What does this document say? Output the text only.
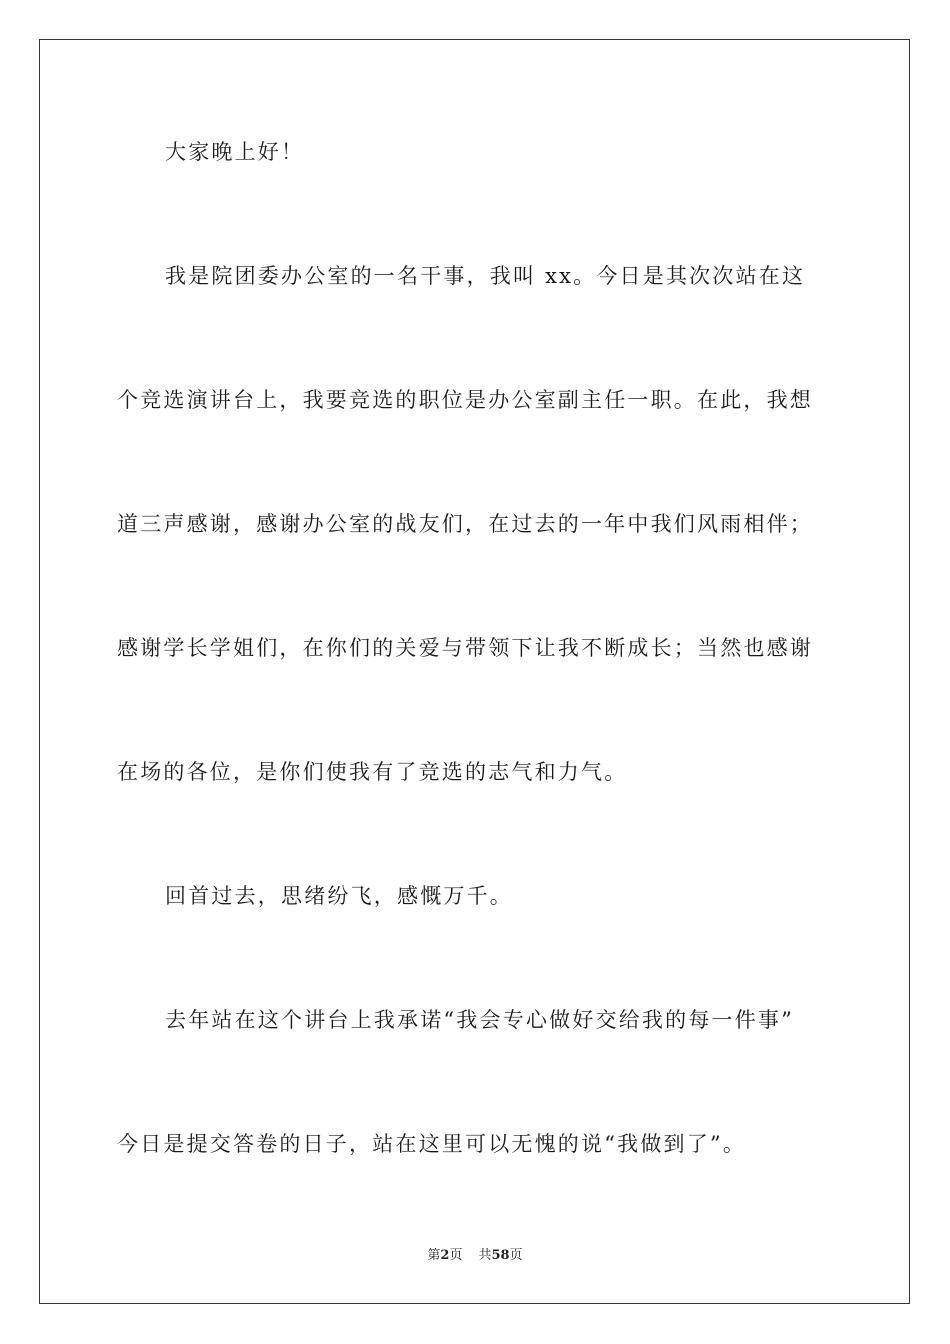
大家晚上好！
我是院团委办公室的一名干事，我叫 xx。今日是其次次站在这
个竞选演讲台上，我要竞选的职位是办公室副主任一职。在此，我想
道三声感谢，感谢办公室的战友们，在过去的一年中我们风雨相伴；
感谢学长学姐们，在你们的关爱与带领下让我不断成长；当然也感谢
在场的各位，是你们使我有了竞选的志气和力气。
回首过去，思绪纷飞，感慨万千。
去年站在这个讲台上我承诺“我会专心做好交给我的每一件事”
今日是提交答卷的日子，站在这里可以无愧的说“我做到了”。
第2页 共58页
